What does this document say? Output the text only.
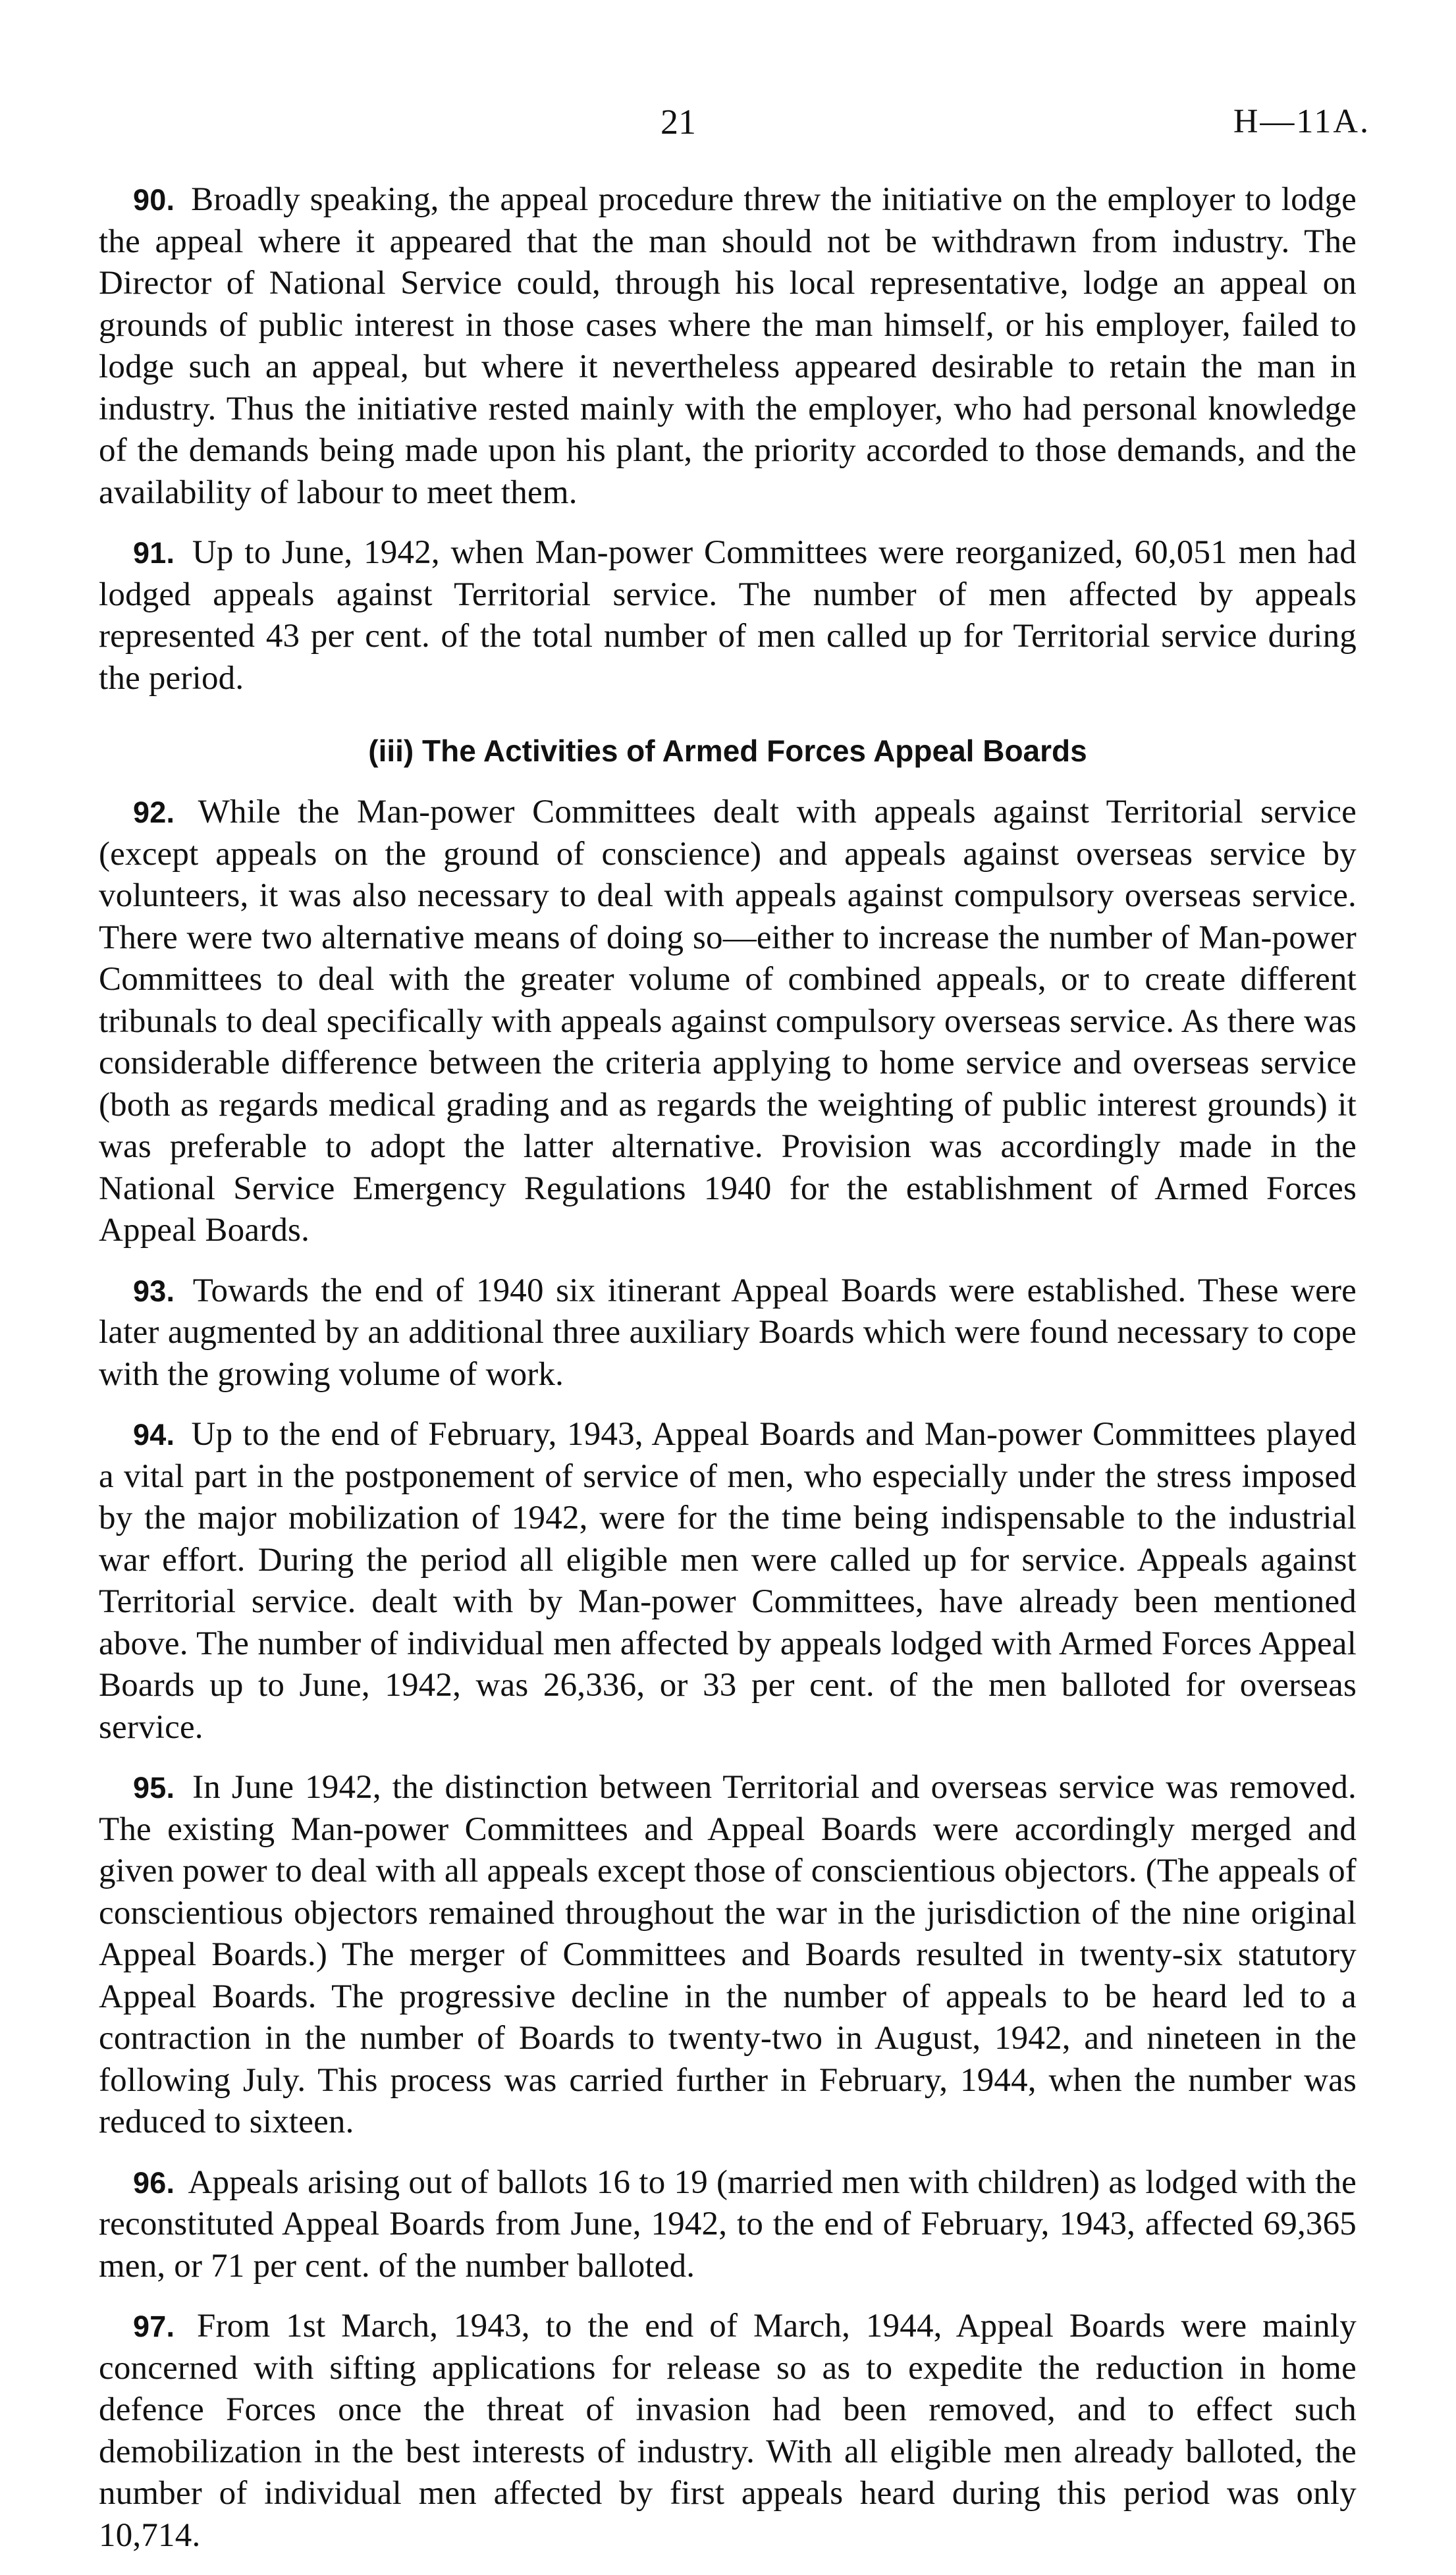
21	H—11A.

90. Broadly speaking, the appeal procedure threw the initiative on the employer to lodge the appeal where it appeared that the man should not be withdrawn from industry. The Director of National Service could, through his local representative, lodge an appeal on grounds of public interest in those cases where the man himself, or his employer, failed to lodge such an appeal, but where it nevertheless appeared desirable to retain the man in industry. Thus the initiative rested mainly with the employer, who had personal knowledge of the demands being made upon his plant, the priority accorded to those demands, and the availability of labour to meet them.

91. Up to June, 1942, when Man-power Committees were reorganized, 60,051 men had lodged appeals against Territorial service. The number of men affected by appeals represented 43 per cent. of the total number of men called up for Territorial service during the period.

(iii) The Activities of Armed Forces Appeal Boards

92. While the Man-power Committees dealt with appeals against Territorial service (except appeals on the ground of conscience) and appeals against overseas service by volunteers, it was also necessary to deal with appeals against compulsory overseas service. There were two alternative means of doing so—either to increase the number of Man-power Committees to deal with the greater volume of combined appeals, or to create different tribunals to deal specifically with appeals against compulsory overseas service. As there was considerable difference between the criteria applying to home service and overseas service (both as regards medical grading and as regards the weighting of public interest grounds) it was preferable to adopt the latter alternative. Provision was accordingly made in the National Service Emergency Regulations 1940 for the establishment of Armed Forces Appeal Boards.

93. Towards the end of 1940 six itinerant Appeal Boards were established. These were later augmented by an additional three auxiliary Boards which were found necessary to cope with the growing volume of work.

94. Up to the end of February, 1943, Appeal Boards and Man-power Committees played a vital part in the postponement of service of men, who especially under the stress imposed by the major mobilization of 1942, were for the time being indispensable to the industrial war effort. During the period all eligible men were called up for service. Appeals against Territorial service. dealt with by Man-power Committees, have already been mentioned above. The number of individual men affected by appeals lodged with Armed Forces Appeal Boards up to June, 1942, was 26,336, or 33 per cent. of the men balloted for overseas service.

95. In June 1942, the distinction between Territorial and overseas service was removed. The existing Man-power Committees and Appeal Boards were accordingly merged and given power to deal with all appeals except those of conscientious objectors. (The appeals of conscientious objectors remained throughout the war in the jurisdiction of the nine original Appeal Boards.) The merger of Committees and Boards resulted in twenty-six statutory Appeal Boards. The progressive decline in the number of appeals to be heard led to a contraction in the number of Boards to twenty-two in August, 1942, and nineteen in the following July. This process was carried further in February, 1944, when the number was reduced to sixteen.

96. Appeals arising out of ballots 16 to 19 (married men with children) as lodged with the reconstituted Appeal Boards from June, 1942, to the end of February, 1943, affected 69,365 men, or 71 per cent. of the number balloted.

97. From 1st March, 1943, to the end of March, 1944, Appeal Boards were mainly concerned with sifting applications for release so as to expedite the reduction in home defence Forces once the threat of invasion had been removed, and to effect such demobilization in the best interests of industry. With all eligible men already balloted, the number of individual men affected by first appeals heard during this period was only 10,714.
